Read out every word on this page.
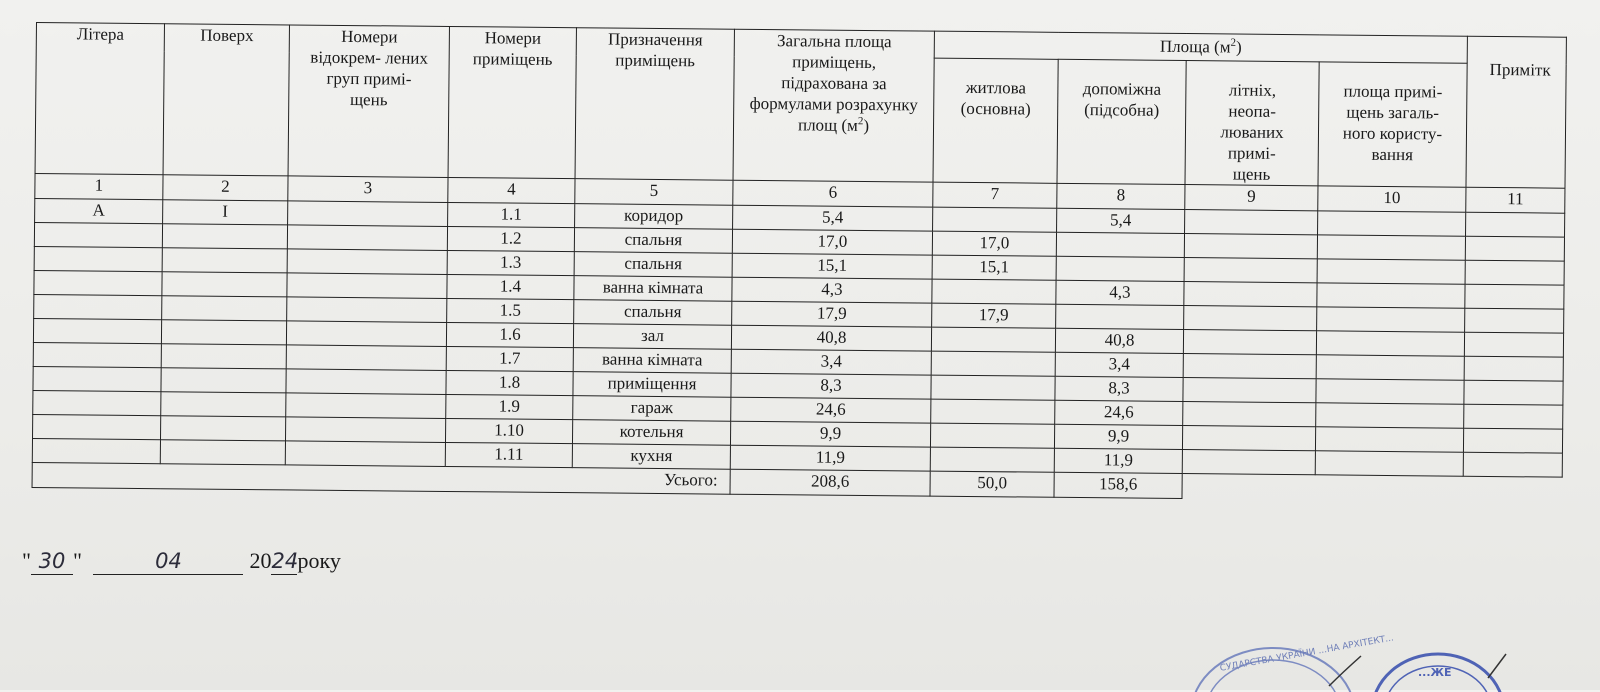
Літера	Поверх	Номери відокрем- лених груп примі- щень	Номери приміщень	Призначення приміщень	Загальна площа приміщень, підрахована за формулами розрахунку площ $(м^2)$	Площа $(м^2)$				Примітк
						житлова (основна)	допоміжна (підсобна)	літніх, неопа- люваних примі- щень	площа примі- щень загаль- ного користу- вання	
1	2	3	4	5	6	7	8	9	10	11
А	І		1.1	коридор	5,4		5,4			
			1.2	спальня	17,0	17,0				
			1.3	спальня	15,1	15,1				
			1.4	ванна кімната	4,3		4,3			
			1.5	спальня	17,9	17,9				
			1.6	зал	40,8		40,8			
			1.7	ванна кімната	3,4		3,4			
			1.8	приміщення	8,3		8,3			
			1.9	гараж	24,6		24,6			
			1.10	котельня	9,9		9,9			
			1.11	кухня	11,9		11,9			
Усього:					208,6	50,0	158,6			
" 30 "	04	2024року
СУДАРСТВА УКРАЇНИ ...НА АРХІТЕКТ... ...ЖЕ
